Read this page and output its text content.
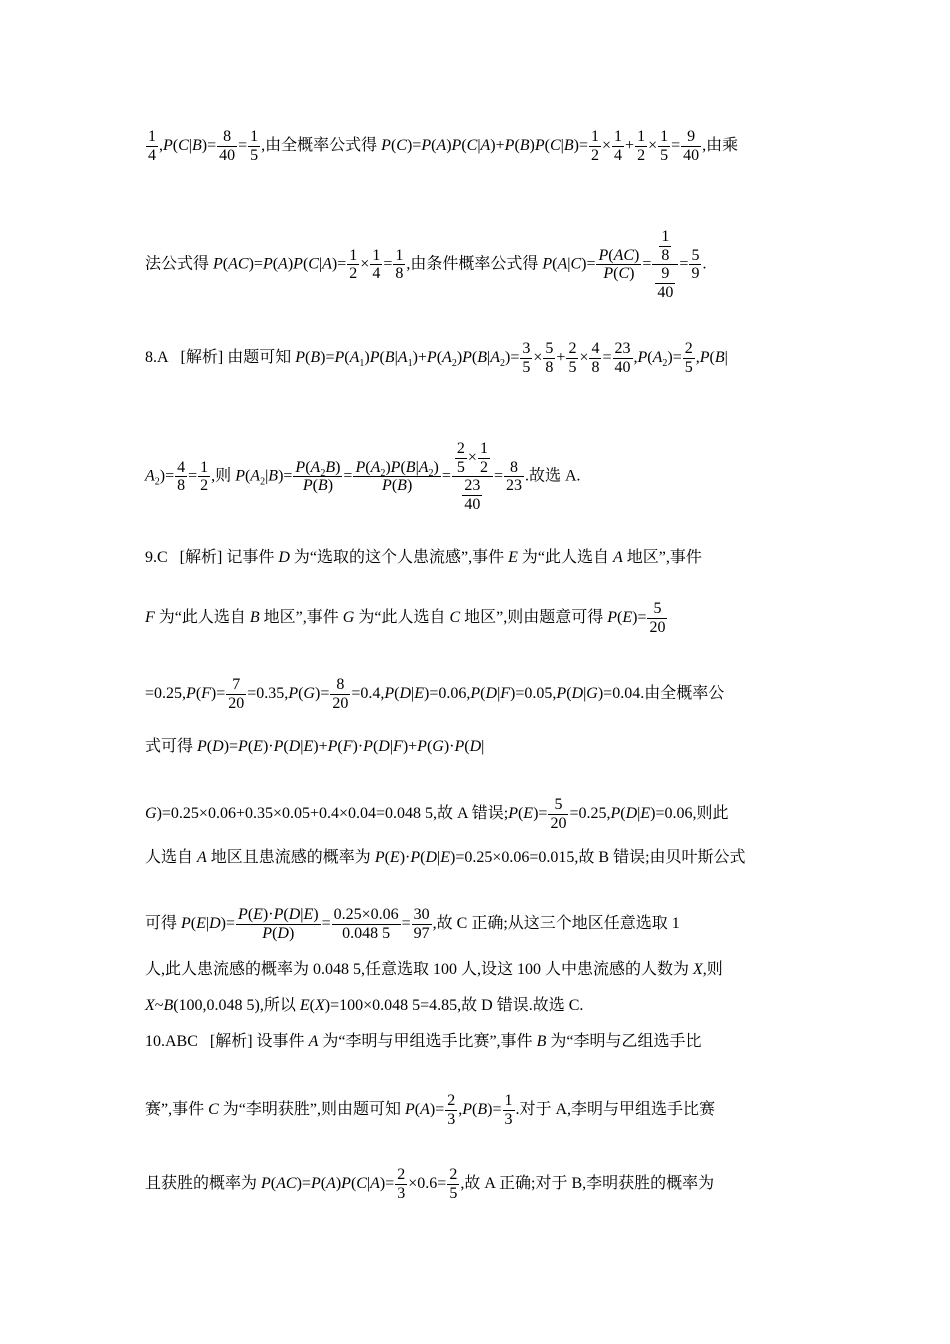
$\frac{1}{4} ,P(C|B)= \frac{8}{40} = \frac{1}{5}$ ,由全概率公式得 $P(C)=P(A)P(C|A)+P(B)P(C|B)= \frac{1}{2} \times \frac{1}{4} + \frac{1}{2} \times \frac{1}{5} = \frac{9}{40}$ ,由乘
法公式得 $P(AC)=P(A)P(C|A)= \frac{1}{2} \times \frac{1}{4} = \frac{1}{8}$ ,由条件概率公式得 $P(A|C)= \frac{P(AC)}{P(C)} = \frac{\frac{1}{8}}{\frac{9}{40}} = \frac{5}{9}$ .
8.A   [解析] 由题可知 $P(B)=P(A_1)P(B|A_1)+P(A_2)P(B|A_2)= \frac{3}{5} \times \frac{5}{8} + \frac{2}{5} \times \frac{4}{8} = \frac{23}{40} ,P(A_2)= \frac{2}{5} ,P(B|$
$A_2)= \frac{4}{8} = \frac{1}{2}$ ,则 $P(A_2|B)= \frac{P(A_2B)}{P(B)} = \frac{P(A_2)P(B|A_2)}{P(B)} = \frac{\frac{2}{5} \times \frac{1}{2}}{\frac{23}{40}} = \frac{8}{23}$ .故选 A.
9.C   [解析] 记事件 D 为“选取的这个人患流感”,事件 E 为“此人选自 A 地区”,事件
F 为“此人选自 B 地区”,事件 G 为“此人选自 C 地区”,则由题意可得 $P(E)= \frac{5}{20}$
$=0.25,P(F)= \frac{7}{20} =0.35,P(G)= \frac{8}{20} =0.4,P(D|E)=0.06,P(D|F)=0.05,P(D|G)=0.04$.由全概率公
式可得 P(D)=P(E)·P(D|E)+P(F)·P(D|F)+P(G)·P(D|
G)=0.25×0.06+0.35×0.05+0.4×0.04=0.048 5,故 A 错误;P(E)= $\frac{5}{20} =0.25,P(D|E)=0.06$,则此
人选自 A 地区且患流感的概率为 P(E)·P(D|E)=0.25×0.06=0.015,故 B 错误;由贝叶斯公式
可得 $P(E|D)= \frac{P(E)\cdot P(D|E)}{P(D)} = \frac{0.25\times 0.06}{0.048 5} = \frac{30}{97}$ ,故 C 正确;从这三个地区任意选取 1
人,此人患流感的概率为 0.048 5,任意选取 100 人,设这 100 人中患流感的人数为 X,则
X~B(100,0.048 5),所以 E(X)=100×0.048 5=4.85,故 D 错误.故选 C.
10.ABC   [解析] 设事件 A 为“李明与甲组选手比赛”,事件 B 为“李明与乙组选手比
赛”,事件 C 为“李明获胜”,则由题可知 $P(A)= \frac{2}{3} ,P(B)= \frac{1}{3}$ .对于 A,李明与甲组选手比赛
且获胜的概率为 $P(AC)=P(A)P(C|A)= \frac{2}{3} \times 0.6= \frac{2}{5}$ ,故 A 正确;对于 B,李明获胜的概率为
